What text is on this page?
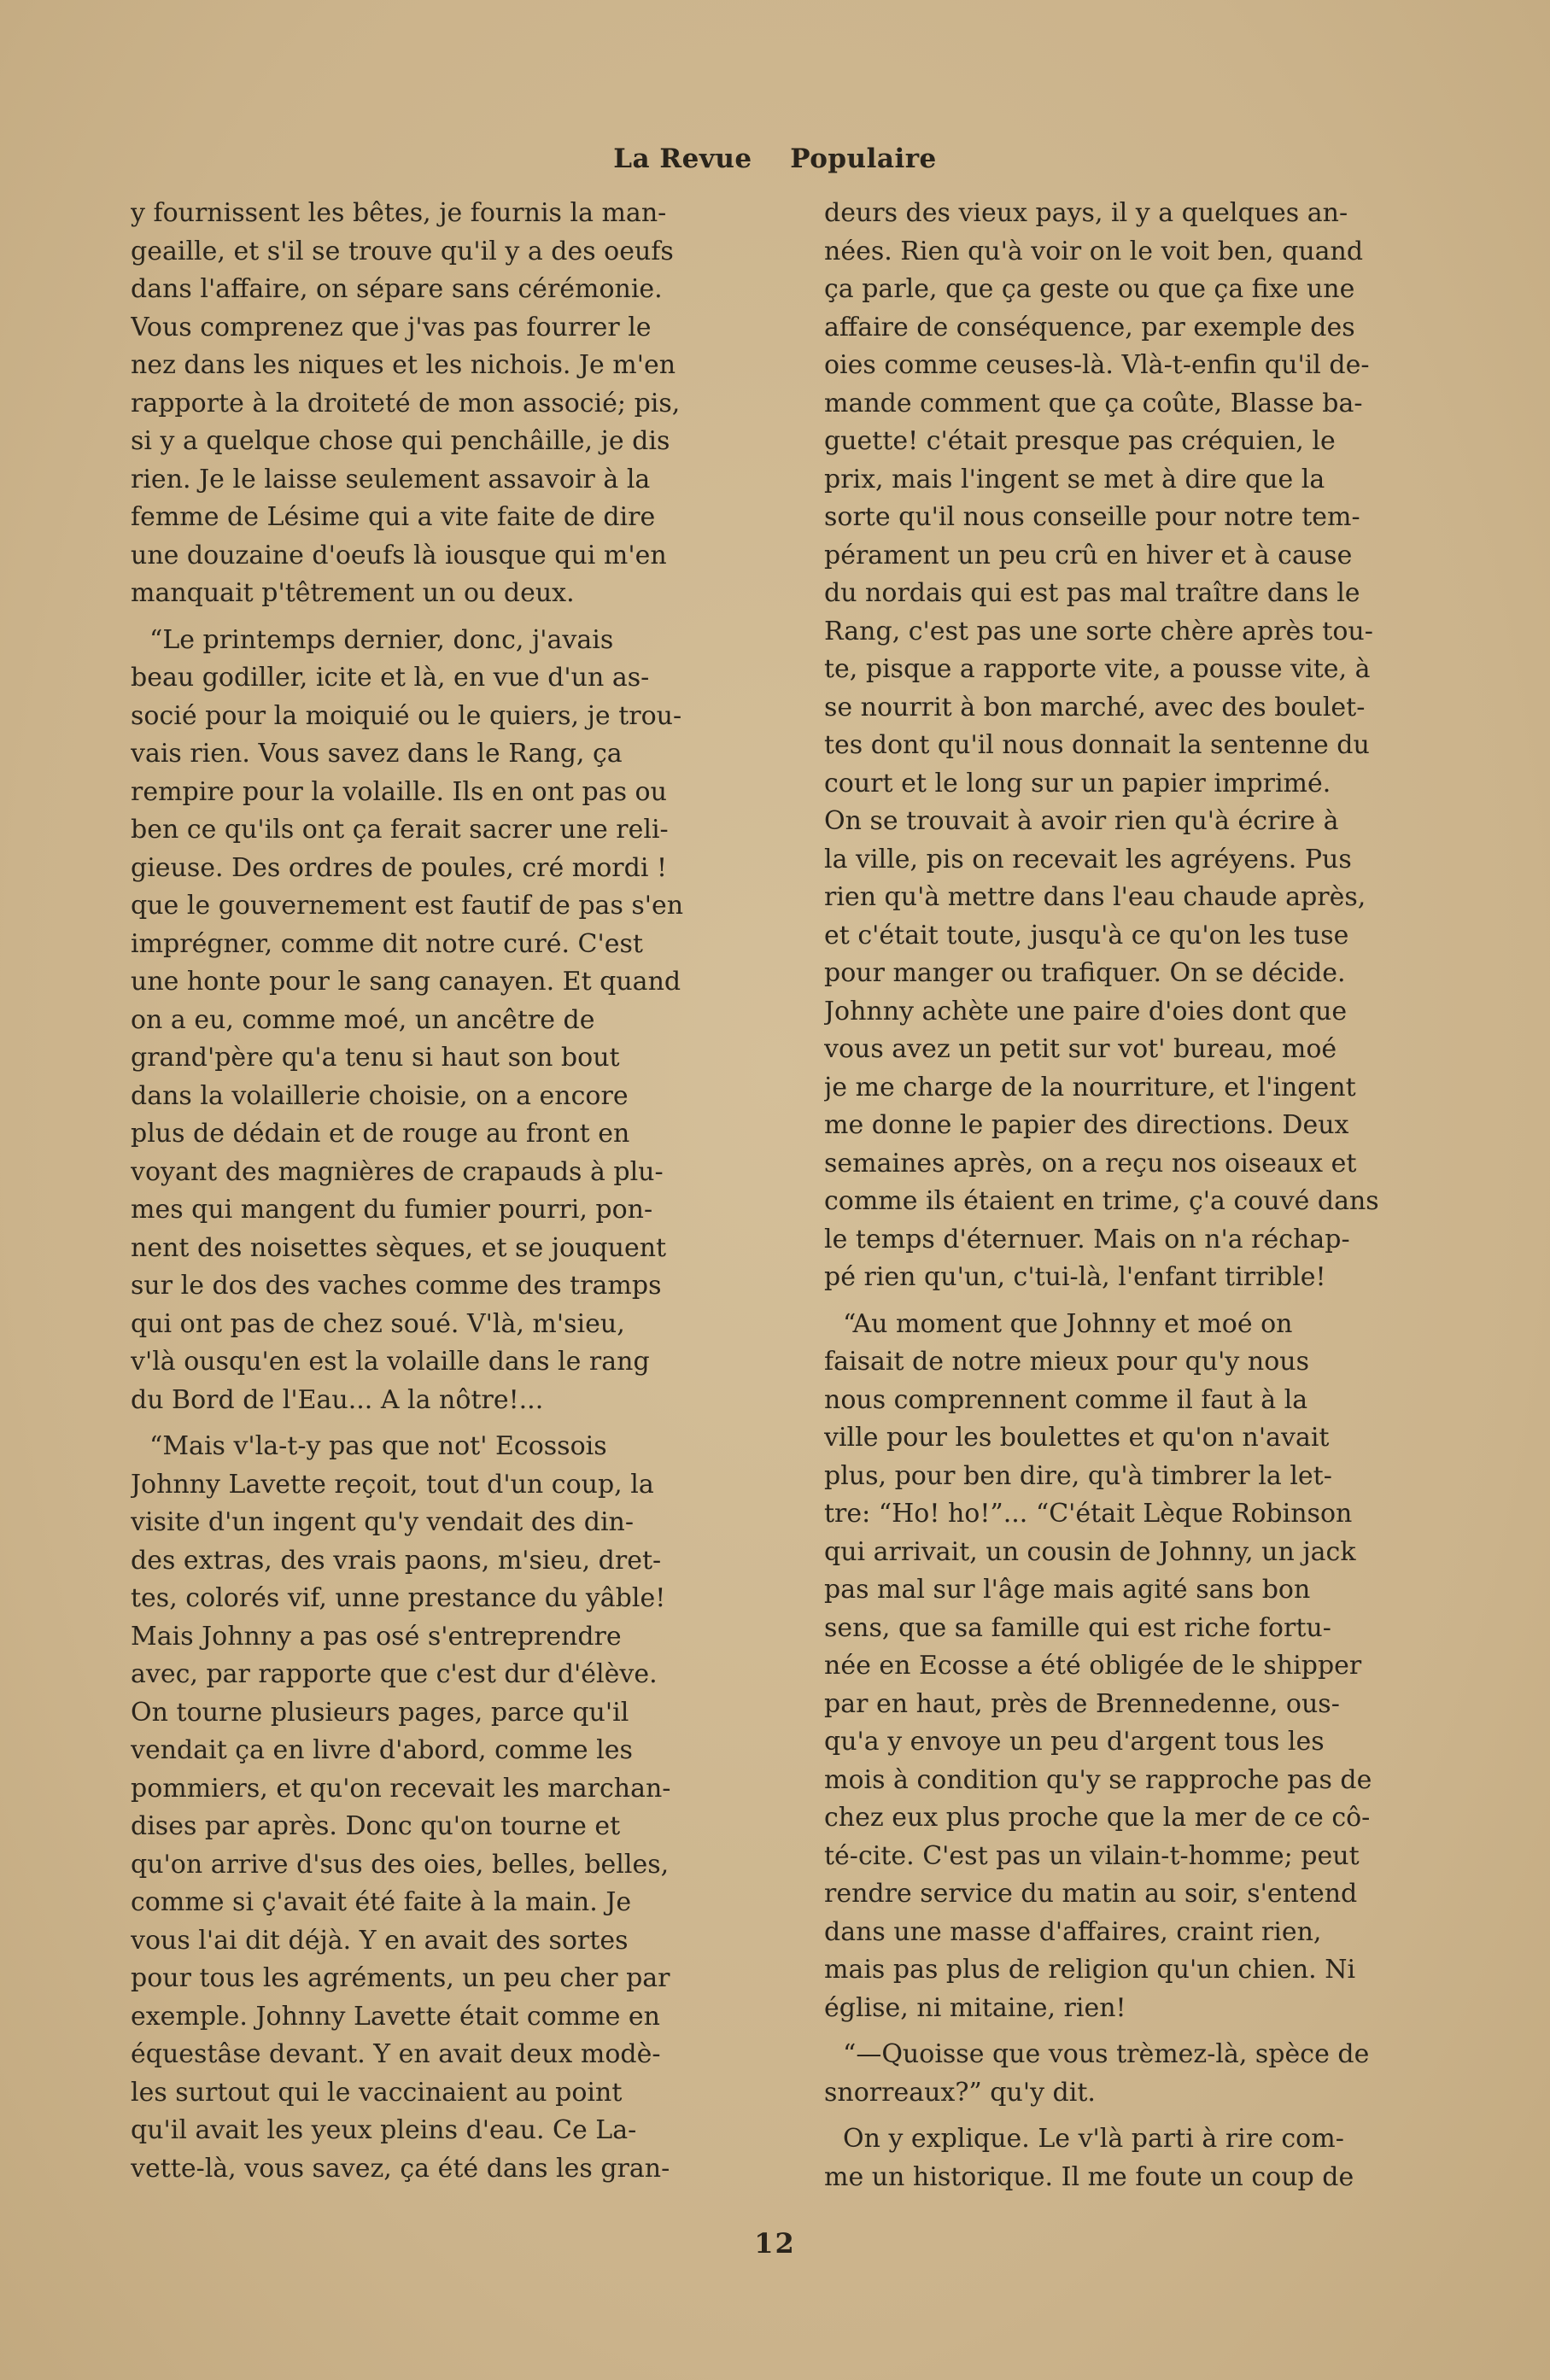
La Revue Populaire
y fournissent les bêtes, je fournis la man-
geaille, et s'il se trouve qu'il y a des oeufs
dans l'affaire, on sépare sans cérémonie.
Vous comprenez que j'vas pas fourrer le
nez dans les niques et les nichois. Je m'en
rapporte à la droiteté de mon associé; pis,
si y a quelque chose qui penchâille, je dis
rien. Je le laisse seulement assavoir à la
femme de Lésime qui a vite faite de dire
une douzaine d'oeufs là iousque qui m'en
manquait p'têtrement un ou deux.
“Le printemps dernier, donc, j'avais
beau godiller, icite et là, en vue d'un as-
socié pour la moiquié ou le quiers, je trou-
vais rien. Vous savez dans le Rang, ça
rempire pour la volaille. Ils en ont pas ou
ben ce qu'ils ont ça ferait sacrer une reli-
gieuse. Des ordres de poules, cré mordi !
que le gouvernement est fautif de pas s'en
imprégner, comme dit notre curé. C'est
une honte pour le sang canayen. Et quand
on a eu, comme moé, un ancêtre de
grand'père qu'a tenu si haut son bout
dans la volaillerie choisie, on a encore
plus de dédain et de rouge au front en
voyant des magnières de crapauds à plu-
mes qui mangent du fumier pourri, pon-
nent des noisettes sèques, et se jouquent
sur le dos des vaches comme des tramps
qui ont pas de chez soué. V'là, m'sieu,
v'là ousqu'en est la volaille dans le rang
du Bord de l'Eau... A la nôtre!...
“Mais v'la-t-y pas que not' Ecossois
Johnny Lavette reçoit, tout d'un coup, la
visite d'un ingent qu'y vendait des din-
des extras, des vrais paons, m'sieu, dret-
tes, colorés vif, unne prestance du yâble!
Mais Johnny a pas osé s'entreprendre
avec, par rapporte que c'est dur d'élève.
On tourne plusieurs pages, parce qu'il
vendait ça en livre d'abord, comme les
pommiers, et qu'on recevait les marchan-
dises par après. Donc qu'on tourne et
qu'on arrive d'sus des oies, belles, belles,
comme si ç'avait été faite à la main. Je
vous l'ai dit déjà. Y en avait des sortes
pour tous les agréments, un peu cher par
exemple. Johnny Lavette était comme en
équestâse devant. Y en avait deux modè-
les surtout qui le vaccinaient au point
qu'il avait les yeux pleins d'eau. Ce La-
vette-là, vous savez, ça été dans les gran-
deurs des vieux pays, il y a quelques an-
nées. Rien qu'à voir on le voit ben, quand
ça parle, que ça geste ou que ça fixe une
affaire de conséquence, par exemple des
oies comme ceuses-là. Vlà-t-enfin qu'il de-
mande comment que ça coûte, Blasse ba-
guette! c'était presque pas créquien, le
prix, mais l'ingent se met à dire que la
sorte qu'il nous conseille pour notre tem-
pérament un peu crû en hiver et à cause
du nordais qui est pas mal traître dans le
Rang, c'est pas une sorte chère après tou-
te, pisque a rapporte vite, a pousse vite, à
se nourrit à bon marché, avec des boulet-
tes dont qu'il nous donnait la sentenne du
court et le long sur un papier imprimé.
On se trouvait à avoir rien qu'à écrire à
la ville, pis on recevait les agréyens. Pus
rien qu'à mettre dans l'eau chaude après,
et c'était toute, jusqu'à ce qu'on les tuse
pour manger ou trafiquer. On se décide.
Johnny achète une paire d'oies dont que
vous avez un petit sur vot' bureau, moé
je me charge de la nourriture, et l'ingent
me donne le papier des directions. Deux
semaines après, on a reçu nos oiseaux et
comme ils étaient en trime, ç'a couvé dans
le temps d'éternuer. Mais on n'a réchap-
pé rien qu'un, c'tui-là, l'enfant tirrible!
“Au moment que Johnny et moé on
faisait de notre mieux pour qu'y nous
nous comprennent comme il faut à la
ville pour les boulettes et qu'on n'avait
plus, pour ben dire, qu'à timbrer la let-
tre: “Ho! ho!”... “C'était Lèque Robinson
qui arrivait, un cousin de Johnny, un jack
pas mal sur l'âge mais agité sans bon
sens, que sa famille qui est riche fortu-
née en Ecosse a été obligée de le shipper
par en haut, près de Brennedenne, ous-
qu'a y envoye un peu d'argent tous les
mois à condition qu'y se rapproche pas de
chez eux plus proche que la mer de ce cô-
té-cite. C'est pas un vilain-t-homme; peut
rendre service du matin au soir, s'entend
dans une masse d'affaires, craint rien,
mais pas plus de religion qu'un chien. Ni
église, ni mitaine, rien!
“—Quoisse que vous trèmez-là, spèce de
snorreaux?” qu'y dit.
On y explique. Le v'là parti à rire com-
me un historique. Il me foute un coup de
12
